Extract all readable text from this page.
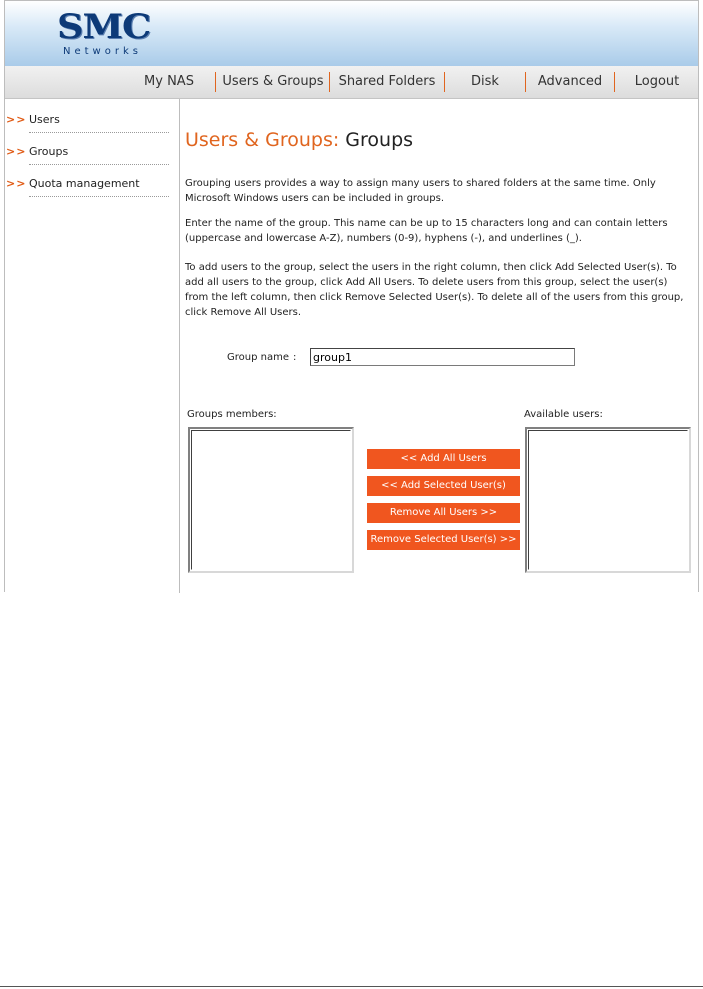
SMC
Networks
My NAS	Users & Groups	Shared Folders	Disk	Advanced	Logout
>> Users
>> Groups
>> Quota management
Users & Groups: Groups

Grouping users provides a way to assign many users to shared folders at the same time. Only Microsoft Windows users can be included in groups.

Enter the name of the group. This name can be up to 15 characters long and can contain letters (uppercase and lowercase A-Z), numbers (0-9), hyphens (-), and underlines (_).

To add users to the group, select the users in the right column, then click Add Selected User(s). To add all users to the group, click Add All Users. To delete users from this group, select the user(s) from the left column, then click Remove Selected User(s). To delete all of the users from this group, click Remove All Users.

Group name :
group1
Groups members:	Available users:
<< Add All Users
<< Add Selected User(s)
Remove All Users >>
Remove Selected User(s) >>
